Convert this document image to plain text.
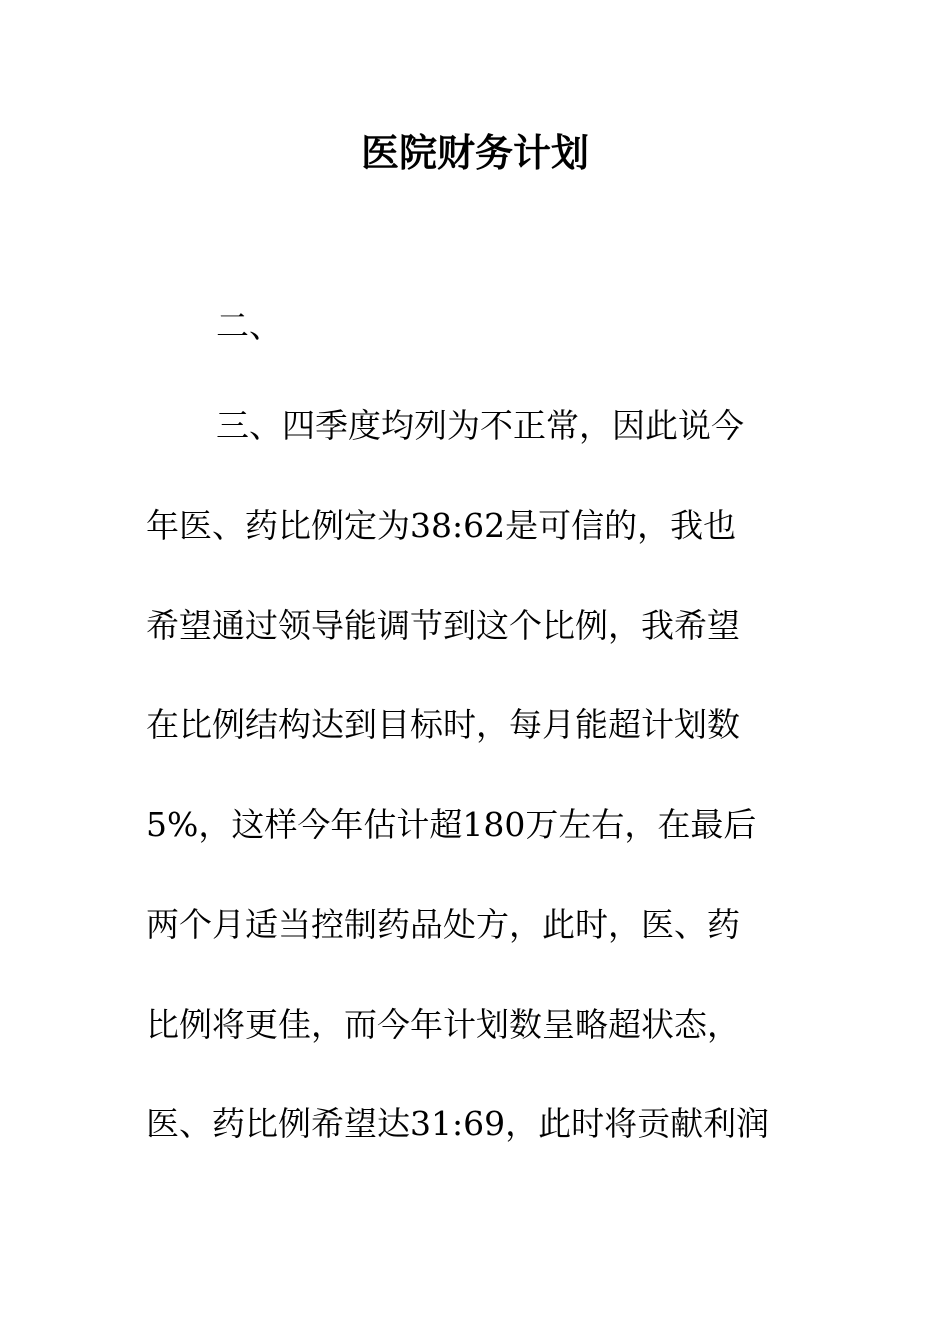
医院财务计划

二、

三、四季度均列为不正常，因此说今

年医、药比例定为38:62是可信的，我也

希望通过领导能调节到这个比例，我希望

在比例结构达到目标时，每月能超计划数

5%，这样今年估计超180万左右，在最后

两个月适当控制药品处方，此时，医、药

比例将更佳，而今年计划数呈略超状态，

医、药比例希望达31:69，此时将贡献利润
